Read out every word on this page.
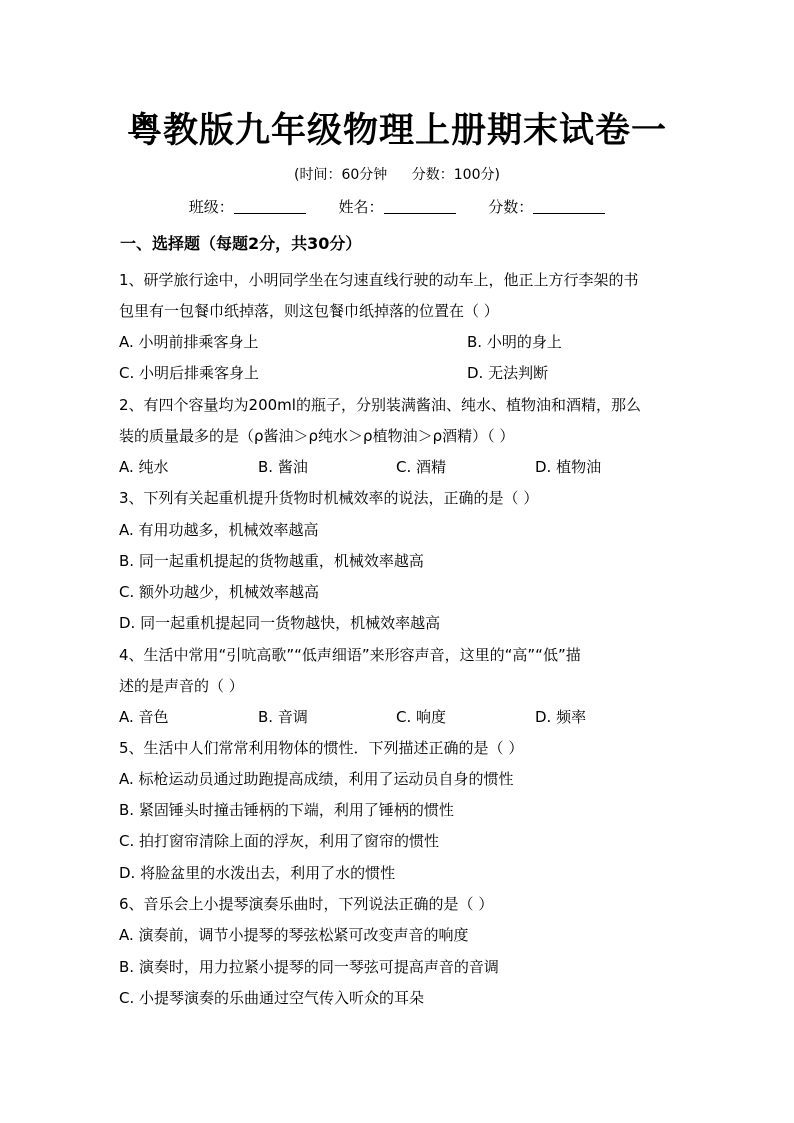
粤教版九年级物理上册期末试卷一
(时间：60分钟 分数：100分)
班级：	姓名：	分数：
一、选择题（每题2分，共30分）
1、研学旅行途中，小明同学坐在匀速直线行驶的动车上，他正上方行李架的书
包里有一包餐巾纸掉落，则这包餐巾纸掉落的位置在（ ）
A. 小明前排乘客身上	B. 小明的身上
C. 小明后排乘客身上	D. 无法判断
2、有四个容量均为200ml的瓶子，分别装满酱油、纯水、植物油和酒精，那么
装的质量最多的是（ρ酱油＞ρ纯水＞ρ植物油＞ρ酒精）（ ）
A. 纯水	B. 酱油	C. 酒精	D. 植物油
3、下列有关起重机提升货物时机械效率的说法，正确的是（ ）
A. 有用功越多，机械效率越高
B. 同一起重机提起的货物越重，机械效率越高
C. 额外功越少，机械效率越高
D. 同一起重机提起同一货物越快，机械效率越高
4、生活中常用“引吭高歌”“低声细语”来形容声音，这里的“高”“低”描
述的是声音的（ ）
A. 音色	B. 音调	C. 响度	D. 频率
5、生活中人们常常利用物体的惯性．下列描述正确的是（ ）
A. 标枪运动员通过助跑提高成绩，利用了运动员自身的惯性
B. 紧固锤头时撞击锤柄的下端，利用了锤柄的惯性
C. 拍打窗帘清除上面的浮灰，利用了窗帘的惯性
D. 将脸盆里的水泼出去，利用了水的惯性
6、音乐会上小提琴演奏乐曲时，下列说法正确的是（ ）
A. 演奏前，调节小提琴的琴弦松紧可改变声音的响度
B. 演奏时，用力拉紧小提琴的同一琴弦可提高声音的音调
C. 小提琴演奏的乐曲通过空气传入听众的耳朵
